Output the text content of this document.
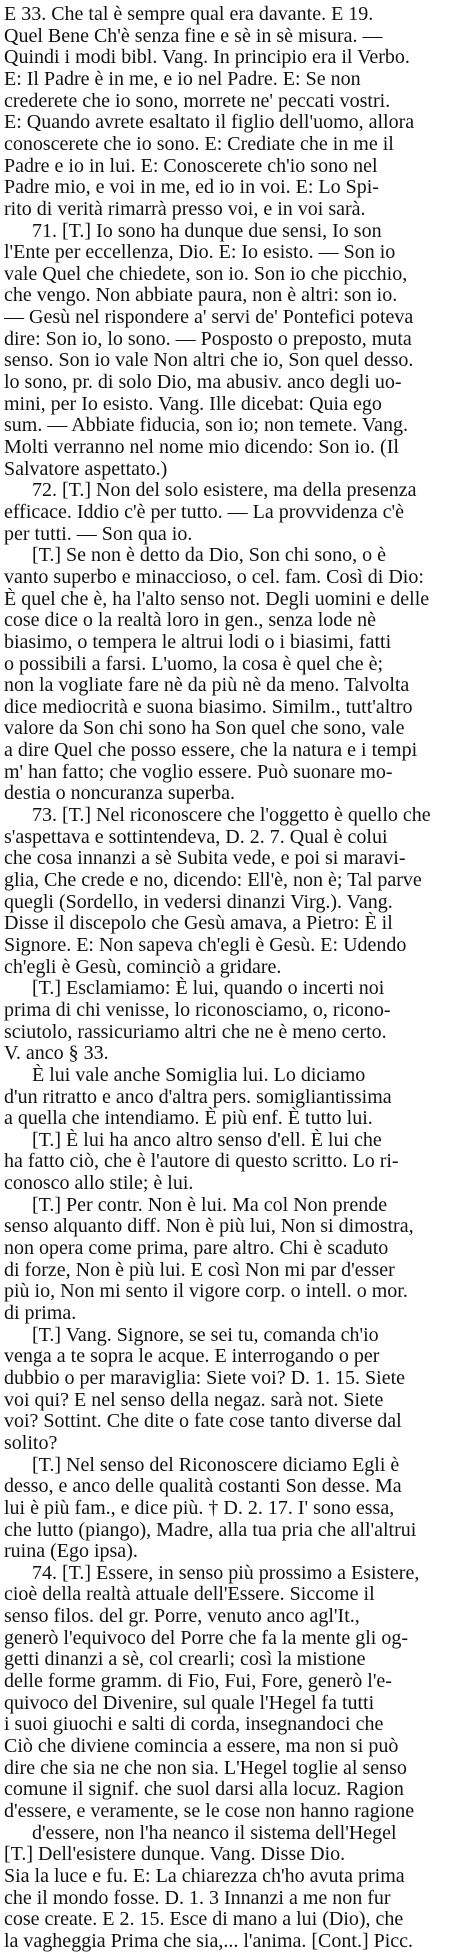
E 33. Che tal è sempre qual era davante. E 19.
Quel Bene Ch'è senza fine e sè in sè misura. —
Quindi i modi bibl. Vang. In principio era il Verbo.
E: Il Padre è in me, e io nel Padre. E: Se non
crederete che io sono, morrete ne' peccati vostri.
E: Quando avrete esaltato il figlio dell'uomo, allora
conoscerete che io sono. E: Crediate che in me il
Padre e io in lui. E: Conoscerete ch'io sono nel
Padre mio, e voi in me, ed io in voi. E: Lo Spi-
rito di verità rimarrà presso voi, e in voi sarà.
71. [T.] Io sono ha dunque due sensi, Io son
l'Ente per eccellenza, Dio. E: Io esisto. — Son io
vale Quel che chiedete, son io. Son io che picchio,
che vengo. Non abbiate paura, non è altri: son io.
— Gesù nel rispondere a' servi de' Pontefici poteva
dire: Son io, lo sono. — Posposto o preposto, muta
senso. Son io vale Non altri che io, Son quel desso.
lo sono, pr. di solo Dio, ma abusiv. anco degli uo-
mini, per Io esisto. Vang. Ille dicebat: Quia ego
sum. — Abbiate fiducia, son io; non temete. Vang.
Molti verranno nel nome mio dicendo: Son io. (Il
Salvatore aspettato.)
72. [T.] Non del solo esistere, ma della presenza
efficace. Iddio c'è per tutto. — La provvidenza c'è
per tutti. — Son qua io.
[T.] Se non è detto da Dio, Son chi sono, o è
vanto superbo e minaccioso, o cel. fam. Così di Dio:
È quel che è, ha l'alto senso not. Degli uomini e delle
cose dice o la realtà loro in gen., senza lode nè
biasimo, o tempera le altrui lodi o i biasimi, fatti
o possibili a farsi. L'uomo, la cosa è quel che è;
non la vogliate fare nè da più nè da meno. Talvolta
dice mediocrità e suona biasimo. Similm., tutt'altro
valore da Son chi sono ha Son quel che sono, vale
a dire Quel che posso essere, che la natura e i tempi
m' han fatto; che voglio essere. Può suonare mo-
destia o noncuranza superba.
73. [T.] Nel riconoscere che l'oggetto è quello che
s'aspettava e sottintendeva, D. 2. 7. Qual è colui
che cosa innanzi a sè Subita vede, e poi si maravi-
glia, Che crede e no, dicendo: Ell'è, non è; Tal parve
quegli (Sordello, in vedersi dinanzi Virg.). Vang.
Disse il discepolo che Gesù amava, a Pietro: È il
Signore. E: Non sapeva ch'egli è Gesù. E: Udendo
ch'egli è Gesù, cominciò a gridare.
[T.] Esclamiamo: È lui, quando o incerti noi
prima di chi venisse, lo riconosciamo, o, ricono-
sciutolo, rassicuriamo altri che ne è meno certo.
V. anco § 33.
È lui vale anche Somiglia lui. Lo diciamo
d'un ritratto e anco d'altra pers. somigliantissima
a quella che intendiamo. È più enf. È tutto lui.
[T.] È lui ha anco altro senso d'ell. È lui che
ha fatto ciò, che è l'autore di questo scritto. Lo ri-
conosco allo stile; è lui.
[T.] Per contr. Non è lui. Ma col Non prende
senso alquanto diff. Non è più lui, Non si dimostra,
non opera come prima, pare altro. Chi è scaduto
di forze, Non è più lui. E così Non mi par d'esser
più io, Non mi sento il vigore corp. o intell. o mor.
di prima.
[T.] Vang. Signore, se sei tu, comanda ch'io
venga a te sopra le acque. E interrogando o per
dubbio o per maraviglia: Siete voi? D. 1. 15. Siete
voi qui? E nel senso della negaz. sarà not. Siete
voi? Sottint. Che dite o fate cose tanto diverse dal
solito?
[T.] Nel senso del Riconoscere diciamo Egli è
desso, e anco delle qualità costanti Son desse. Ma
lui è più fam., e dice più. † D. 2. 17. I' sono essa,
che lutto (piango), Madre, alla tua pria che all'altrui
ruina (Ego ipsa).
74. [T.] Essere, in senso più prossimo a Esistere,
cioè della realtà attuale dell'Essere. Siccome il
senso filos. del gr. Porre, venuto anco agl'It.,
generò l'equivoco del Porre che fa la mente gli og-
getti dinanzi a sè, col crearli; così la mistione
delle forme gramm. di Fio, Fui, Fore, generò l'e-
quivoco del Divenire, sul quale l'Hegel fa tutti
i suoi giuochi e salti di corda, insegnandoci che
Ciò che diviene comincia a essere, ma non si può
dire che sia ne che non sia. L'Hegel toglie al senso
comune il signif. che suol darsi alla locuz. Ragion
d'essere, e veramente, se le cose non hanno ragione
d'essere, non l'ha neanco il sistema dell'Hegel
[T.] Dell'esistere dunque. Vang. Disse Dio.
Sia la luce e fu. E: La chiarezza ch'ho avuta prima
che il mondo fosse. D. 1. 3 Innanzi a me non fur
cose create. E 2. 15. Esce di mano a lui (Dio), che
la vagheggia Prima che sia,... l'anima. [Cont.] Picc.
